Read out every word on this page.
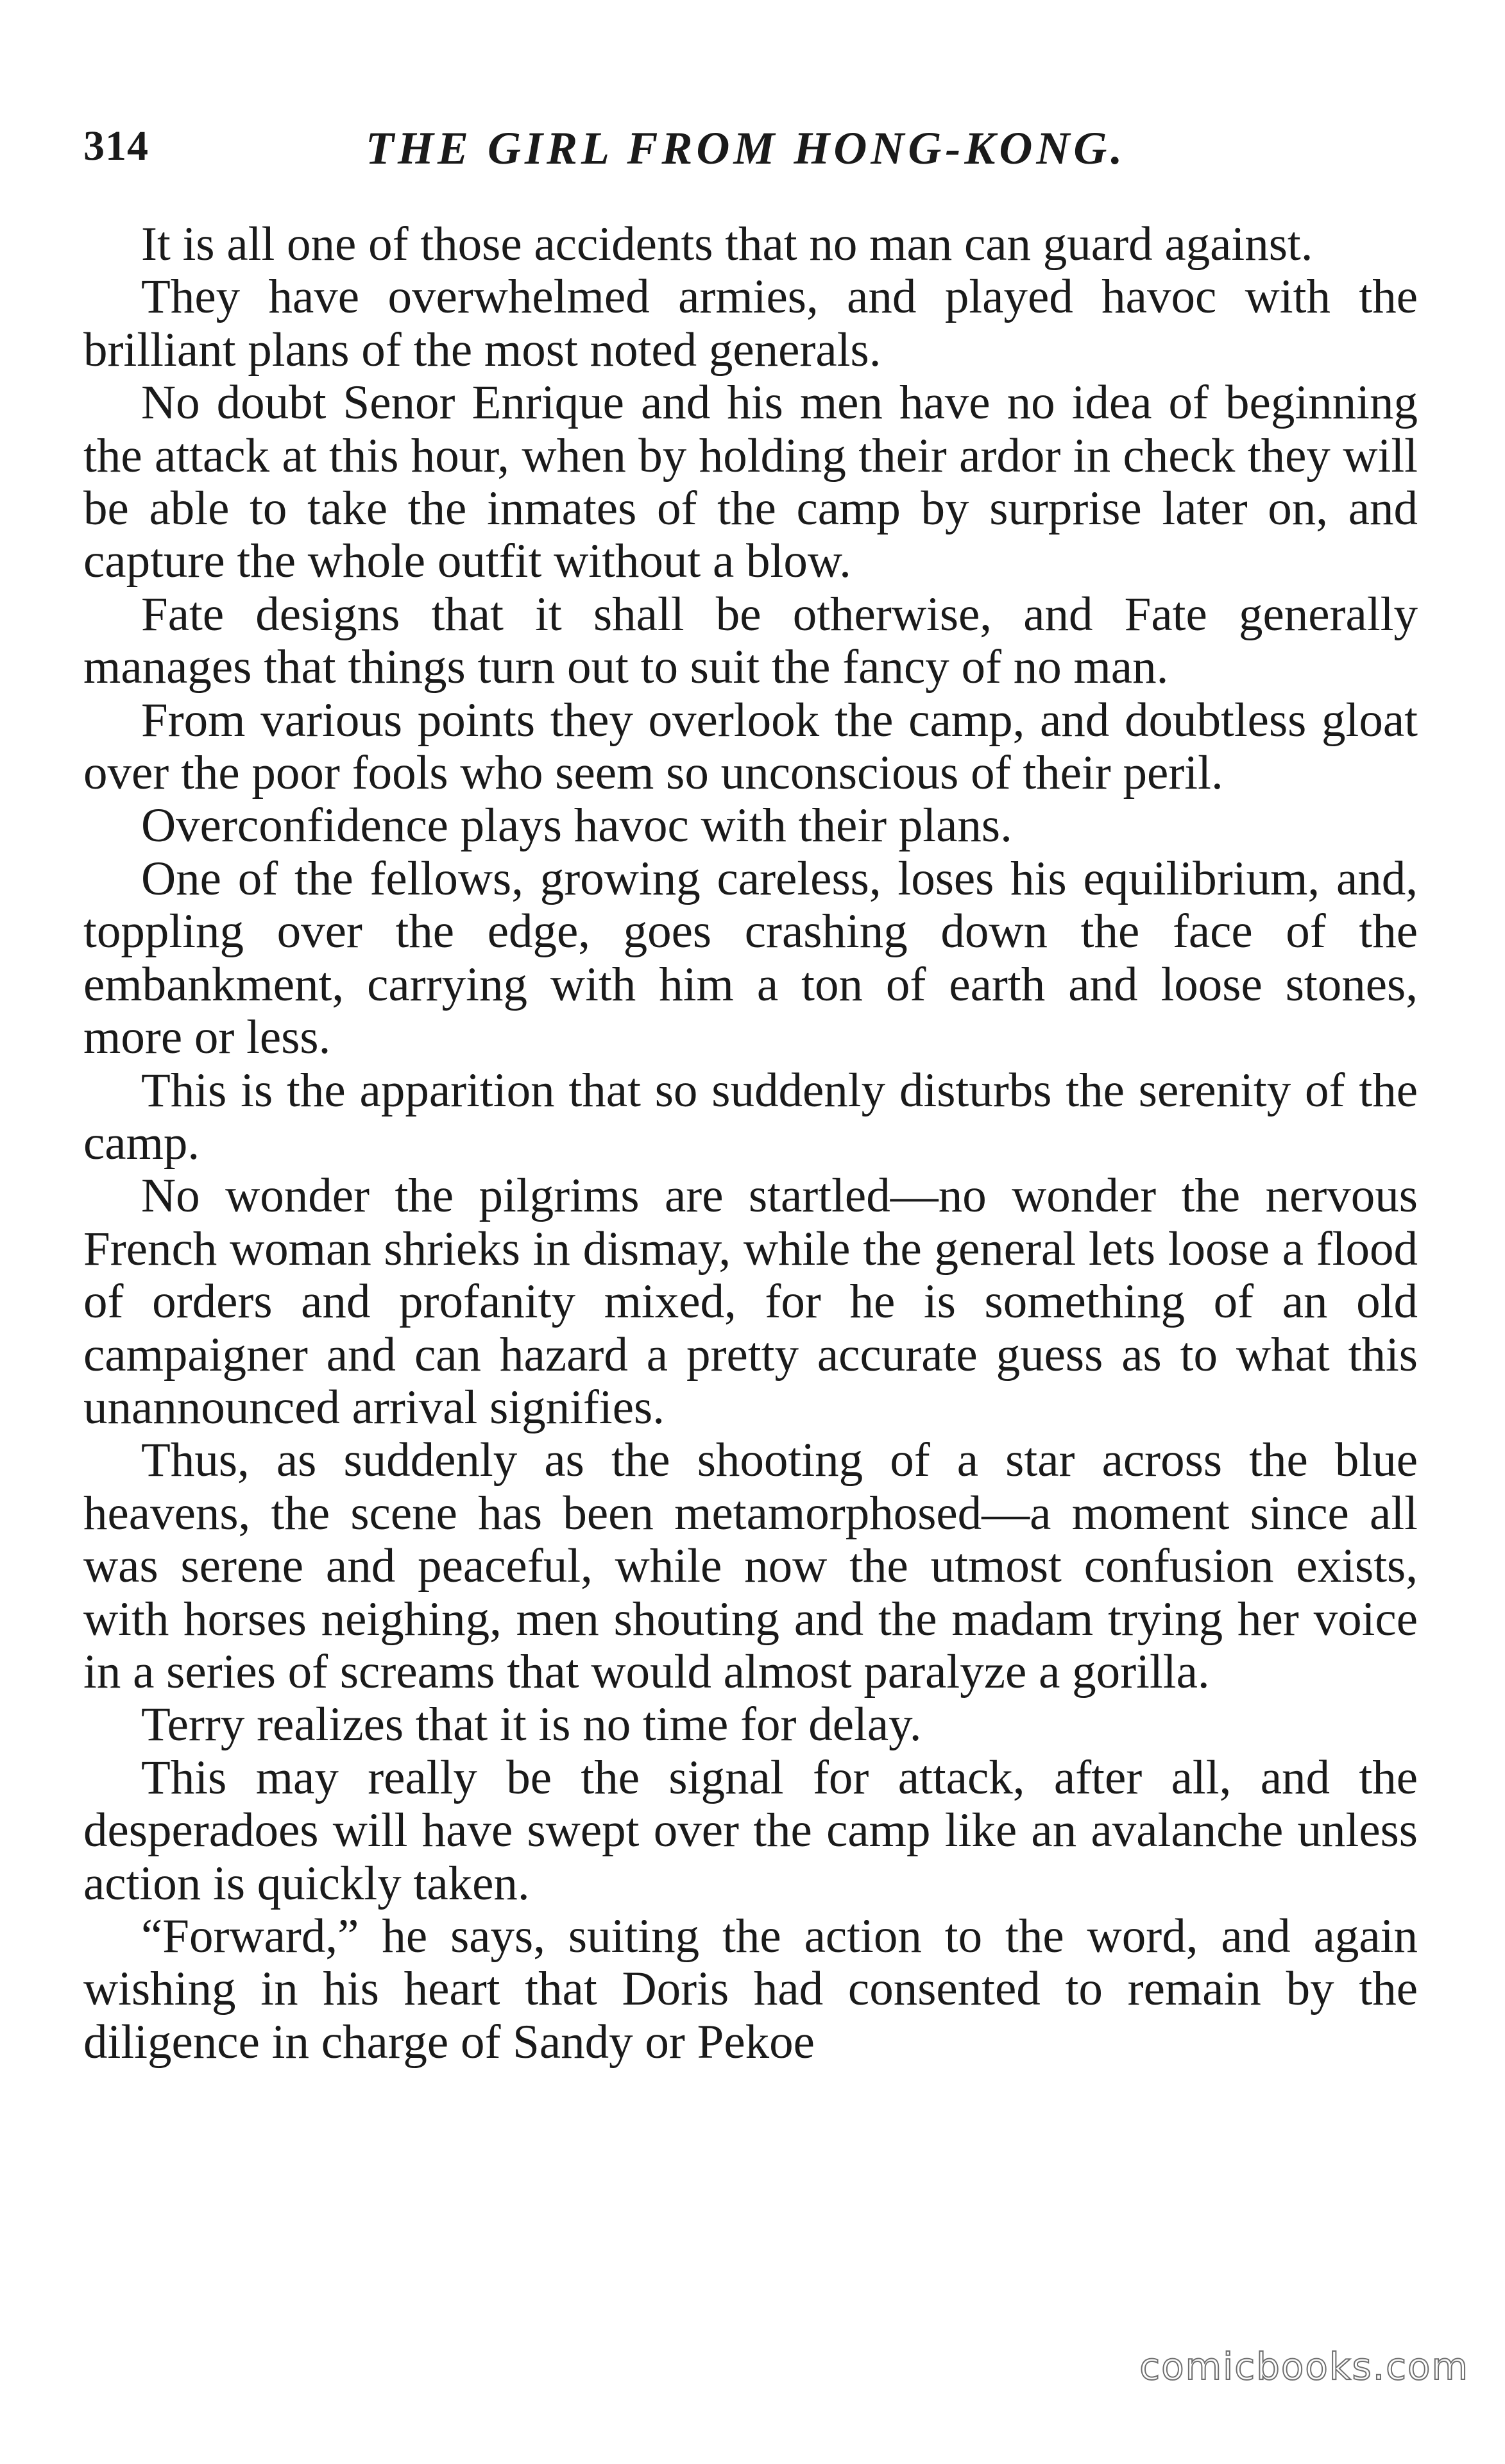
314	THE GIRL FROM HONG-KONG.

It is all one of those accidents that no man can guard against.

They have overwhelmed armies, and played havoc with the brilliant plans of the most noted generals.

No doubt Senor Enrique and his men have no idea of beginning the attack at this hour, when by holding their ardor in check they will be able to take the inmates of the camp by surprise later on, and capture the whole outfit without a blow.

Fate designs that it shall be otherwise, and Fate generally manages that things turn out to suit the fancy of no man.

From various points they overlook the camp, and doubtless gloat over the poor fools who seem so unconscious of their peril.

Overconfidence plays havoc with their plans.

One of the fellows, growing careless, loses his equilibrium, and, toppling over the edge, goes crashing down the face of the embankment, carrying with him a ton of earth and loose stones, more or less.

This is the apparition that so suddenly disturbs the serenity of the camp.

No wonder the pilgrims are startled—no wonder the nervous French woman shrieks in dismay, while the general lets loose a flood of orders and profanity mixed, for he is something of an old campaigner and can hazard a pretty accurate guess as to what this unannounced arrival signifies.

Thus, as suddenly as the shooting of a star across the blue heavens, the scene has been metamorphosed—a moment since all was serene and peaceful, while now the utmost confusion exists, with horses neighing, men shouting and the madam trying her voice in a series of screams that would almost paralyze a gorilla.

Terry realizes that it is no time for delay.

This may really be the signal for attack, after all, and the desperadoes will have swept over the camp like an avalanche unless action is quickly taken.

“Forward,” he says, suiting the action to the word, and again wishing in his heart that Doris had consented to remain by the diligence in charge of Sandy or Pekoe

comicbooks.com
